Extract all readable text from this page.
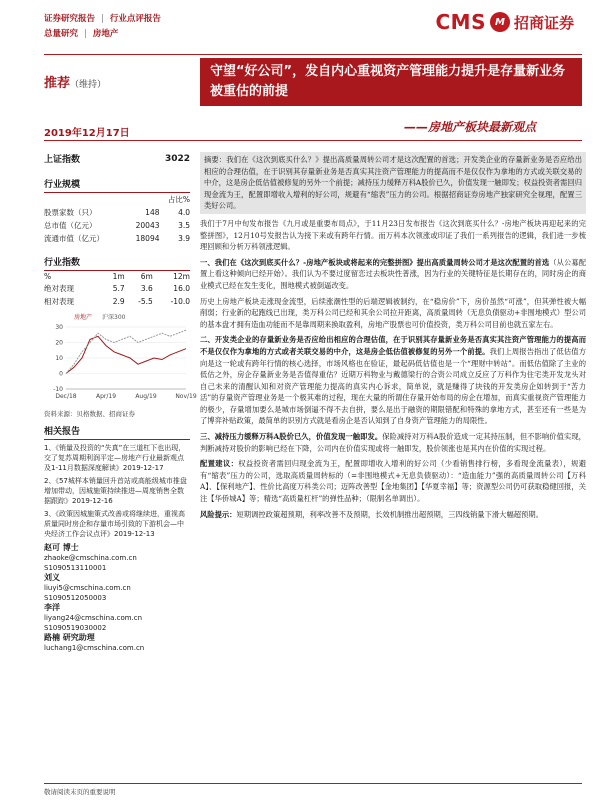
证券研究报告 | 行业点评报告
总量研究 | 房地产	CMS M 招商证券
推荐（维持）
守望“好公司”，发自内心重视资产管理能力提升是存量新业务被重估的前提
2019年12月17日	——房地产板块最新观点
上证指数	3022
行业规模
		占比%
股票家数（只）	148	4.0
总市值（亿元）	20043	3.5
流通市值（亿元）	18094	3.9
行业指数
%	1m	6m	12m
绝对表现	5.7	3.6	16.0
相对表现	2.9	-5.5	-10.0
房地产 沪深300
30
20
10
0
-10
Dec/18	Apr/19	Aug/19	Nov/19
资料来源：贝格数据、招商证券
相关报告
1、《销量及投资的“失真”在三道杠下也出现，交了复苏周期利润平定—房地产行业最新观点及1-11月数据深度解读》2019-12-17
2、《57城样本销量回升首站或高能级城市推盘增加带动，因城施策持续推进—周度销售全数据跟踪》2019-12-16
3、《政策因城施策式改善或将继续进，重视高质量同时房企和存量市场引致的下游机会—中央经济工作会议点评》2019-12-13
赵可 博士
zhaoke@cmschina.com.cn
S1090513110001
刘义
liuyi5@cmschina.com.cn
S1090512050003
李洋
liyang24@cmschina.com.cn
S1090519030002
路楠 研究助理
luchang1@cmschina.com.cn

摘要：我们在《这次到底买什么？》提出高质量周转公司才是这次配置的首选；开发类企业的存量新业务是否应给出相应的合理估值，在于识别其存量新业务是否真实其注资产管理能力的提高而不是仅仅作为拿地的方式或关联交易的中介，这是房企低估值被修复的另外一个前提；减持压力缓释万科A股价已久，价值发现一触即发；权益投资者需回归现金流为王，配置即增收入增利的好公司，规避有“缩表”压力的公司。根据招商证券房地产独家研究全视理，配置三类好公司。

我们于7月中旬发布报告《九月或是重要布局点》，于11月23日发布报告《这次到底买什么？-房地产板块再迎起来的完整拼图》，12月10号发报告认为接下来或有跨年行情。而万科本次领涨或印证了我们一系列报告的逻辑，我们进一步梳理回顾和分析万科领涨逻辑。

一、我们在《这次到底买什么？-房地产板块或将起来的完整拼图》提出高质量周转公司才是这次配置的首选（从公募配置上看这种倾向已经开始）。我们认为不要过度留恋过去板块性普涨，因为行业的关键特征是长期存在的，同时房企的商业模式已经在发生变化，围地模式被倒逼改变。

历史上房地产板块走涨现金流型，后续涨潮性型的后端逻辑被制约，在“稳房价”下，房价虽然“可涨”，但其弹性被大幅削弱；行业新的起跑线已出现，类万科公司已经和其余公司拉开距离，高质量周转（无息负债驱动+非围地模式）型公司的基本盘才拥有造血功能而不是靠周期来换取盈利，房地产股票也可价值投资，类万科公司目前也就五家左右。

二、开发类企业的存量新业务是否应给出相应的合理估值，在于识别其存量新业务是否真实其注资产管理能力的提高而不是仅仅作为拿地的方式或者关联交易的中介，这是房企低估值被修复的另外一个前提。我们上周报告指出了低估值方向是这一轮或有跨年行情的核心选择，市场风格也在验证，最起码低估值也是一个“理财中转站”。而低估值除了主业的低估之外，房企存量新业务是否值得重估？近期万科物业与戴德梁行的合资公司成立反应了万科作为住宅类开发龙头对自己未来的清醒认知和对资产管理能力提高的真实内心诉求，简单说，就是赚得了块钱的开发类房企如转到于“苦力活”的存量资产管理业务是一个极其难的过程，现在大量的所谓住存量开始布局的房企在增加，而真实重视资产管理能力的极少，存量增加要么是城市场倒逼不得不去自拼，要么是出于融资的期限错配和特殊的拿地方式，甚至还有一些是为了博弈补贴政策，最简单的识别方式就是看房企是否认知到了自身资产管理能力的局限性。

三、减持压力缓释万科A股价已久，价值发现一触即发。保险减持对万科A股价造成一定其持压制，但不影响价值实现，判断减持对股价的影响已经在下降，公司内在价值实现或将一触即发，股价领涨也是其内在价值的实现过程。

配置建议：权益投资者需回归现金流为王，配置即增收入增利的好公司（少看销售排行榜，多看现金流量表），规避有“缩表”压力的公司，选取高质量周转标的（=非围地模式+无息负债驱动）：“造血能力”强的高质量周转公司【万科A】、【保利地产】、性价比高度万科类公司；迈阵改善型【金地集团】【华夏幸福】等；资源型公司仍可获取稳健回报，关注【华侨城A】等；精选“高质量杠杆”的弹性品种；（限制名单调出）。

风险提示：短期调控政策超预期，利率改善不及预期，长效机制推出超预期，三四线销量下滑大幅超预期。

敬请阅读末页的重要说明
